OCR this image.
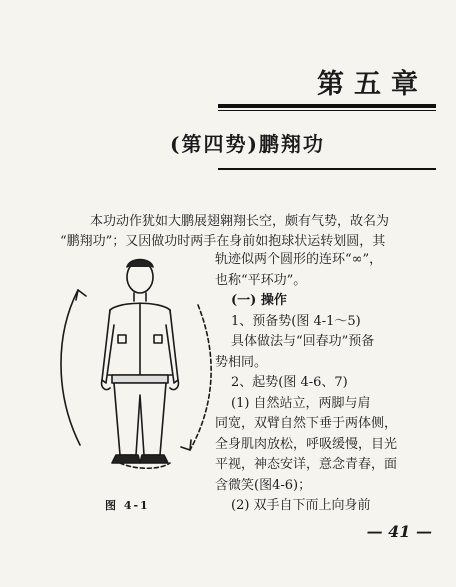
第五章
(第四势)鹏翔功
本功动作犹如大鹏展翅翱翔长空，颇有气势，故名为
“鹏翔功”；又因做功时两手在身前如抱球状运转划圆，其
轨迹似两个圆形的连环“∞”，
也称“平环功”。
(一) 操作
1、预备势(图 4-1～5)
具体做法与“回春功”预备
势相同。
2、起势(图 4-6、7)
(1) 自然站立，两脚与肩
同宽，双臂自然下垂于两体侧，
全身肌肉放松，呼吸缓慢，目光
平视，神态安详，意念青春，面
含微笑(图4-6)；
(2) 双手自下而上向身前
图 4-1
— 41 —
